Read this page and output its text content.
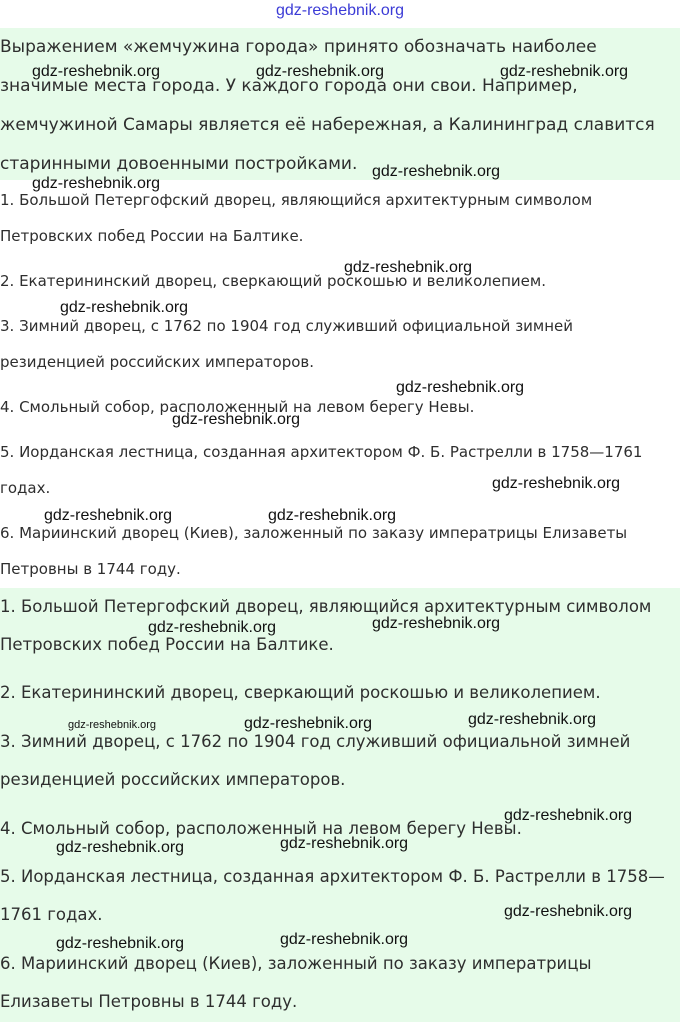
gdz-reshebnik.org

Выражением «жемчужина города» принято обозначать наиболее

значимые места города. У каждого города они свои. Например,

жемчужиной Самары является её набережная, а Калининград славится

старинными довоенными постройками.

1. Большой Петергофский дворец, являющийся архитектурным символом

Петровских побед России на Балтике.

2. Екатерининский дворец, сверкающий роскошью и великолепием.

3. Зимний дворец, с 1762 по 1904 год служивший официальной зимней

резиденцией российских императоров.

4. Смольный собор, расположенный на левом берегу Невы.

5. Иорданская лестница, созданная архитектором Ф. Б. Растрелли в 1758—1761

годах.

6. Мариинский дворец (Киев), заложенный по заказу императрицы Елизаветы

Петровны в 1744 году.

1. Большой Петергофский дворец, являющийся архитектурным символом

Петровских побед России на Балтике.

2. Екатерининский дворец, сверкающий роскошью и великолепием.

3. Зимний дворец, с 1762 по 1904 год служивший официальной зимней

резиденцией российских императоров.

4. Смольный собор, расположенный на левом берегу Невы.

5. Иорданская лестница, созданная архитектором Ф. Б. Растрелли в 1758—

1761 годах.

6. Мариинский дворец (Киев), заложенный по заказу императрицы

Елизаветы Петровны в 1744 году.

gdz-reshebnik.org	gdz-reshebnik.org	gdz-reshebnik.org
gdz-reshebnik.org
gdz-reshebnik.org
gdz-reshebnik.org
gdz-reshebnik.org
gdz-reshebnik.org
gdz-reshebnik.org
gdz-reshebnik.org
gdz-reshebnik.org	gdz-reshebnik.org
gdz-reshebnik.org
gdz-reshebnik.org
gdz-reshebnik.org
gdz-reshebnik.org	gdz-reshebnik.org
gdz-reshebnik.org
gdz-reshebnik.org
gdz-reshebnik.org
gdz-reshebnik.org
gdz-reshebnik.org
gdz-reshebnik.org
